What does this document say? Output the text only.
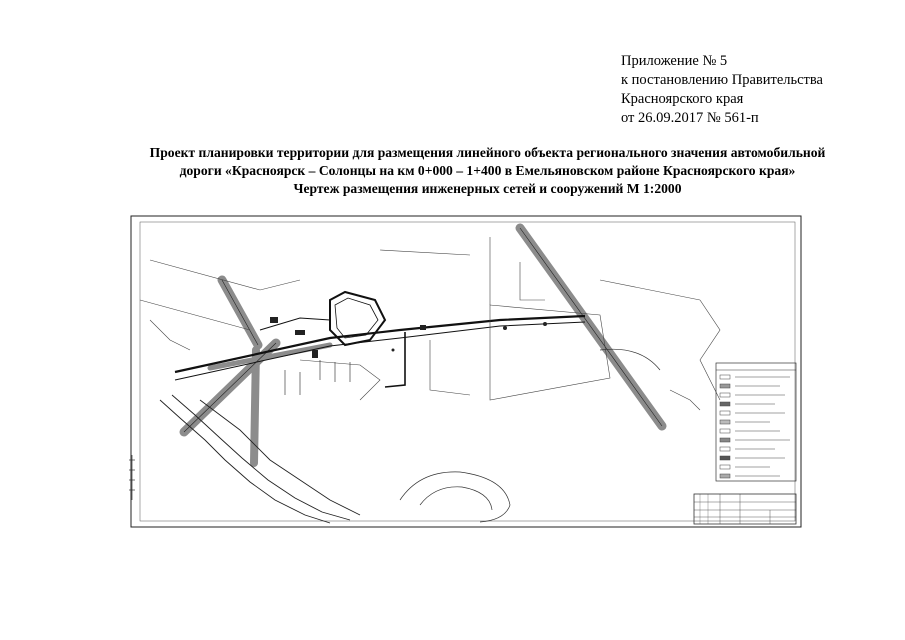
Приложение № 5
к постановлению Правительства
Красноярского края
от 26.09.2017 № 561-п
Проект планировки территории для размещения линейного объекта регионального значения автомобильной
дороги «Красноярск – Солонцы на км 0+000 – 1+400 в Емельяновском районе Красноярского края»
Чертеж размещения инженерных сетей и сооружений М 1:2000
